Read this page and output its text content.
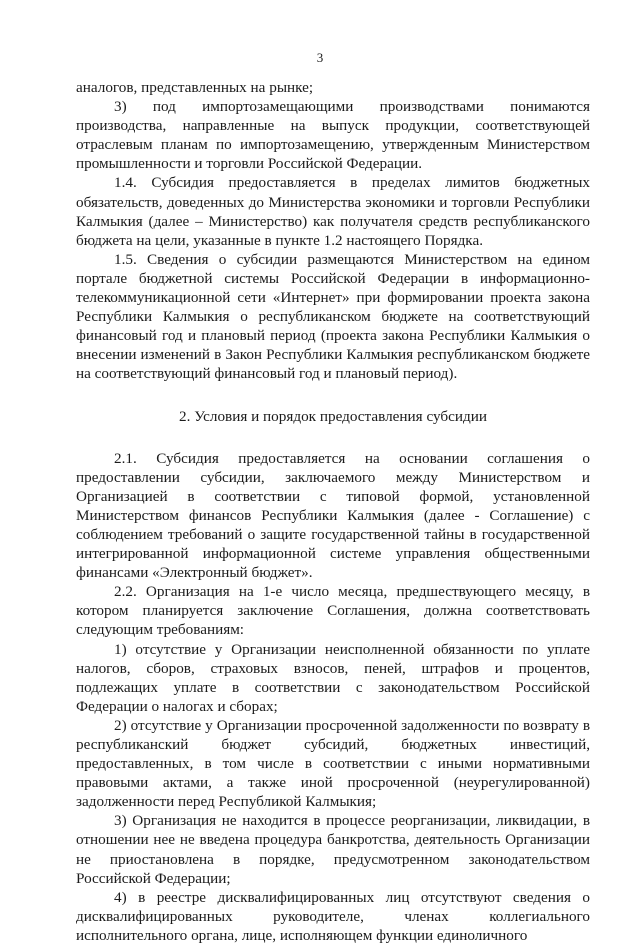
3

аналогов, представленных на рынке;

3) под импортозамещающими производствами понимаются производства, направленные на выпуск продукции, соответствующей отраслевым планам по импортозамещению, утвержденным Министерством промышленности и торговли Российской Федерации.

1.4. Субсидия предоставляется в пределах лимитов бюджетных обязательств, доведенных до Министерства экономики и торговли Республики Калмыкия (далее – Министерство) как получателя средств республиканского бюджета на цели, указанные в пункте 1.2 настоящего Порядка.

1.5. Сведения о субсидии размещаются Министерством на едином портале бюджетной системы Российской Федерации в информационно-телекоммуникационной сети «Интернет» при формировании проекта закона Республики Калмыкия о республиканском бюджете на соответствующий финансовый год и плановый период (проекта закона Республики Калмыкия о внесении изменений в Закон Республики Калмыкия республиканском бюджете на соответствующий финансовый год и плановый период).

2. Условия и порядок предоставления субсидии

2.1. Субсидия предоставляется на основании соглашения о предоставлении субсидии, заключаемого между Министерством и Организацией в соответствии с типовой формой, установленной Министерством финансов Республики Калмыкия (далее - Соглашение) с соблюдением требований о защите государственной тайны в государственной интегрированной информационной системе управления общественными финансами «Электронный бюджет».

2.2. Организация на 1-е число месяца, предшествующего месяцу, в котором планируется заключение Соглашения, должна соответствовать следующим требованиям:

1) отсутствие у Организации неисполненной обязанности по уплате налогов, сборов, страховых взносов, пеней, штрафов и процентов, подлежащих уплате в соответствии с законодательством Российской Федерации о налогах и сборах;

2) отсутствие у Организации просроченной задолженности по возврату в республиканский бюджет субсидий, бюджетных инвестиций, предоставленных, в том числе в соответствии с иными нормативными правовыми актами, а также иной просроченной (неурегулированной) задолженности перед Республикой Калмыкия;

3) Организация не находится в процессе реорганизации, ликвидации, в отношении нее не введена процедура банкротства, деятельность Организации не приостановлена в порядке, предусмотренном законодательством Российской Федерации;

4) в реестре дисквалифицированных лиц отсутствуют сведения о дисквалифицированных руководителе, членах коллегиального исполнительного органа, лице, исполняющем функции единоличного
